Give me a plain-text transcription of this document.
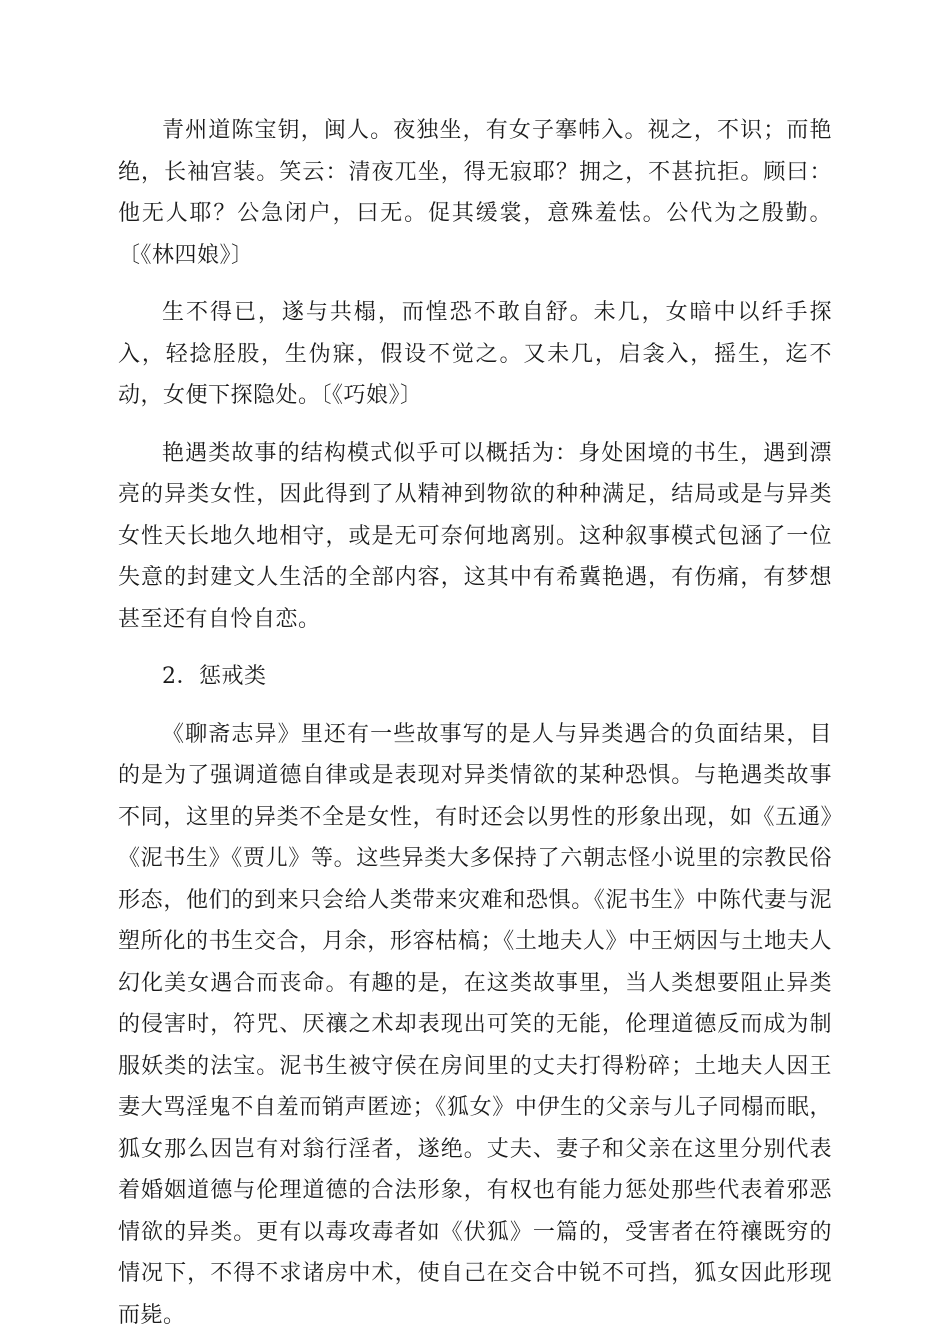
青州道陈宝钥，闽人。夜独坐，有女子搴帏入。视之，不识；而艳绝，长袖宫装。笑云：清夜兀坐，得无寂耶？拥之，不甚抗拒。顾曰：他无人耶？公急闭户，曰无。促其缓裳，意殊羞怯。公代为之殷勤。〔《林四娘》〕

生不得已，遂与共榻，而惶恐不敢自舒。未几，女暗中以纤手探入，轻捻胫股，生伪寐，假设不觉之。又未几，启衾入，摇生，迄不动，女便下探隐处。〔《巧娘》〕

艳遇类故事的结构模式似乎可以概括为：身处困境的书生，遇到漂亮的异类女性，因此得到了从精神到物欲的种种满足，结局或是与异类女性天长地久地相守，或是无可奈何地离别。这种叙事模式包涵了一位失意的封建文人生活的全部内容，这其中有希冀艳遇，有伤痛，有梦想甚至还有自怜自恋。

2．惩戒类

《聊斋志异》里还有一些故事写的是人与异类遇合的负面结果，目的是为了强调道德自律或是表现对异类情欲的某种恐惧。与艳遇类故事不同，这里的异类不全是女性，有时还会以男性的形象出现，如《五通》《泥书生》《贾儿》等。这些异类大多保持了六朝志怪小说里的宗教民俗形态，他们的到来只会给人类带来灾难和恐惧。《泥书生》中陈代妻与泥塑所化的书生交合，月余，形容枯槁；《土地夫人》中王炳因与土地夫人幻化美女遇合而丧命。有趣的是，在这类故事里，当人类想要阻止异类的侵害时，符咒、厌禳之术却表现出可笑的无能，伦理道德反而成为制服妖类的法宝。泥书生被守侯在房间里的丈夫打得粉碎；土地夫人因王妻大骂淫鬼不自羞而销声匿迹；《狐女》中伊生的父亲与儿子同榻而眠，狐女那么因岂有对翁行淫者，遂绝。丈夫、妻子和父亲在这里分别代表着婚姻道德与伦理道德的合法形象，有权也有能力惩处那些代表着邪恶情欲的异类。更有以毒攻毒者如《伏狐》一篇的，受害者在符禳既穷的情况下，不得不求诸房中术，使自己在交合中锐不可挡，狐女因此形现而毙。
